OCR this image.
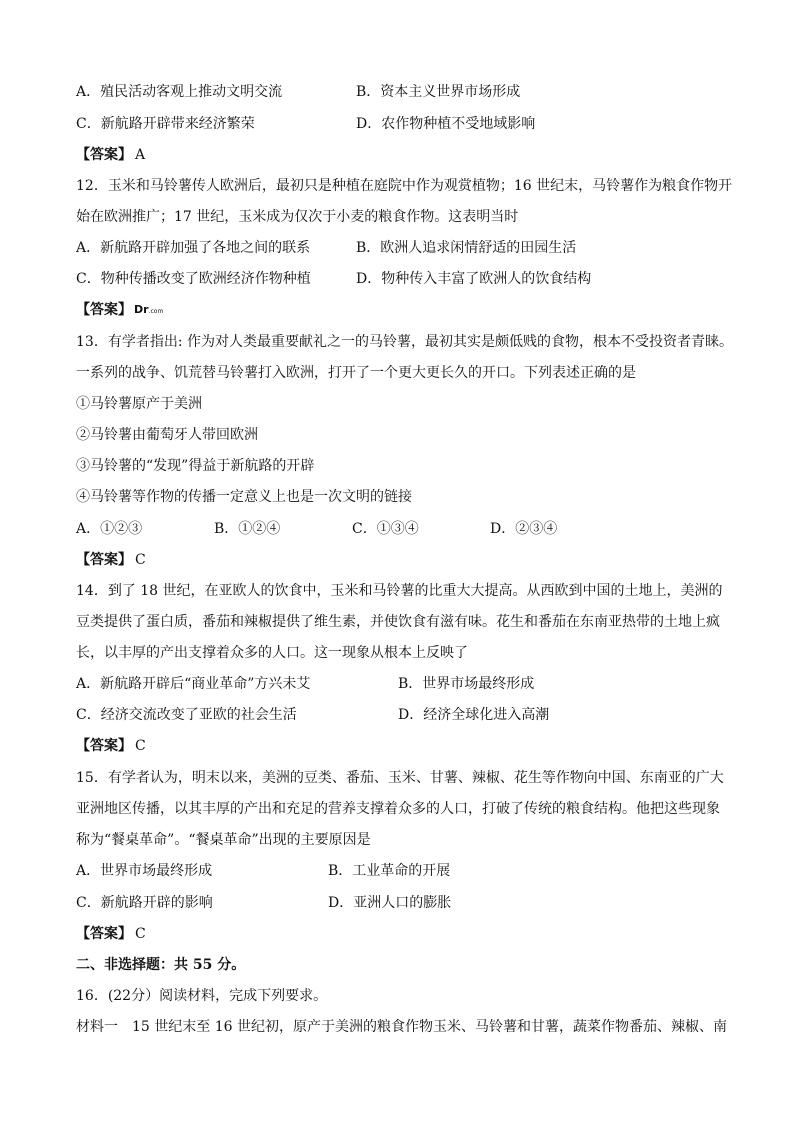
A．殖民活动客观上推动文明交流	B．资本主义世界市场形成
C．新航路开辟带来经济繁荣	D．农作物种植不受地域影响
【答案】 A
12．玉米和马铃薯传人欧洲后，最初只是种植在庭院中作为观赏植物；16 世纪末，马铃薯作为粮食作物开
始在欧洲推广；17 世纪，玉米成为仅次于小麦的粮食作物。这表明当时
A．新航路开辟加强了各地之间的联系	B．欧洲人追求闲情舒适的田园生活
C．物种传播改变了欧洲经济作物种植	D．物种传入丰富了欧洲人的饮食结构
【答案】 Dr.com
13．有学者指出: 作为对人类最重要献礼之一的马铃薯，最初其实是颇低贱的食物，根本不受投资者青睐。
一系列的战争、饥荒替马铃薯打入欧洲，打开了一个更大更长久的开口。下列表述正确的是
①马铃薯原产于美洲
②马铃薯由葡萄牙人带回欧洲
③马铃薯的“发现”得益于新航路的开辟
④马铃薯等作物的传播一定意义上也是一次文明的链接
A．①②③	B．①②④	C．①③④	D．②③④
【答案】 C
14．到了 18 世纪，在亚欧人的饮食中，玉米和马铃薯的比重大大提高。从西欧到中国的土地上，美洲的
豆类提供了蛋白质，番茄和辣椒提供了维生素，并使饮食有滋有味。花生和番茄在东南亚热带的土地上疯
长，以丰厚的产出支撑着众多的人口。这一现象从根本上反映了
A．新航路开辟后“商业革命”方兴未艾	B．世界市场最终形成
C．经济交流改变了亚欧的社会生活	D．经济全球化进入高潮
【答案】 C
15．有学者认为，明末以来，美洲的豆类、番茄、玉米、甘薯、辣椒、花生等作物向中国、东南亚的广大
亚洲地区传播，以其丰厚的产出和充足的营养支撑着众多的人口，打破了传统的粮食结构。他把这些现象
称为“餐桌革命”。“餐桌革命”出现的主要原因是
A．世界市场最终形成	B．工业革命的开展
C．新航路开辟的影响	D．亚洲人口的膨胀
【答案】 C
二、非选择题：共 55 分。
16．(22分）阅读材料，完成下列要求。
材料一　15 世纪末至 16 世纪初，原产于美洲的粮食作物玉米、马铃薯和甘薯，蔬菜作物番茄、辣椒、南
